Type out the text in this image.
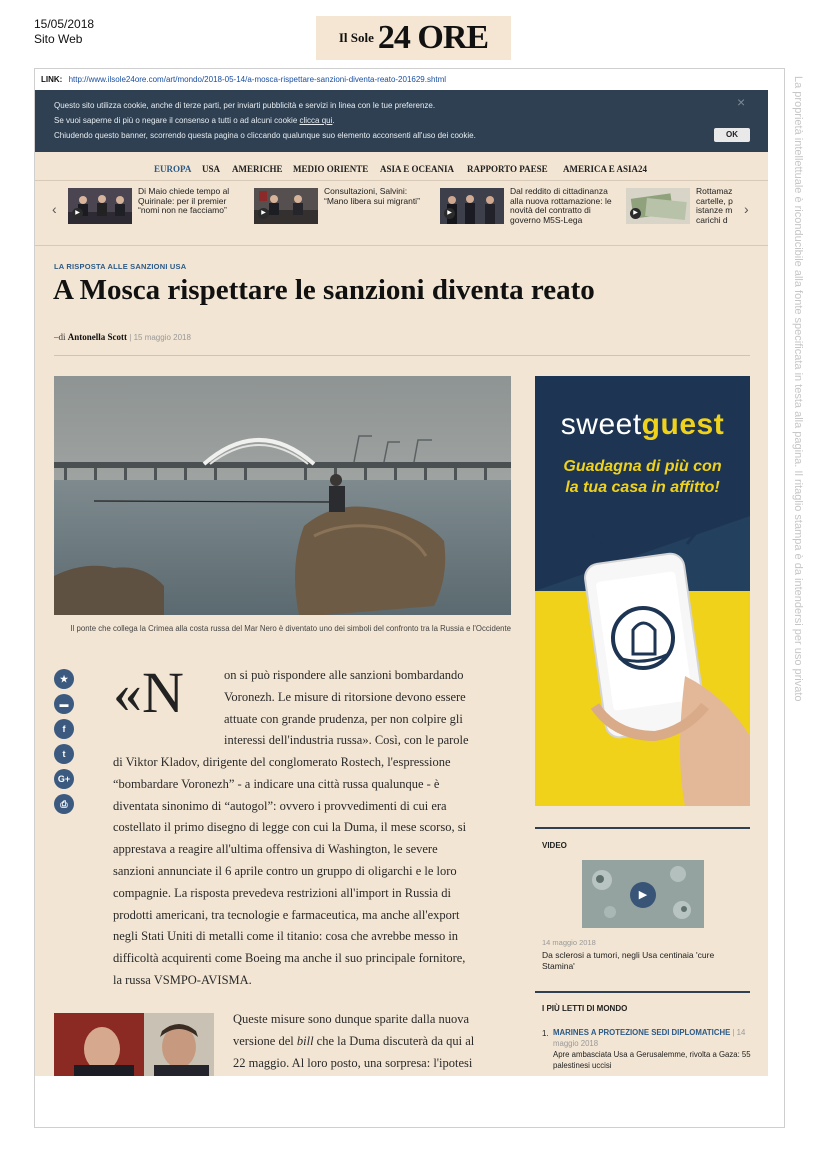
15/05/2018
Sito Web	Il Sole 24 ORE
La proprietà intellettuale è riconducibile alla fonte specificata in testa alla pagina. Il ritaglio stampa è da intendersi per uso privato
LINK: http://www.ilsole24ore.com/art/mondo/2018-05-14/a-mosca-rispettare-sanzioni-diventa-reato-201629.shtml
Questo sito utilizza cookie, anche di terze parti, per inviarti pubblicità e servizi in linea con le tue preferenze.
Se vuoi saperne di più o negare il consenso a tutti o ad alcuni cookie clicca qui.
Chiudendo questo banner, scorrendo questa pagina o cliccando qualunque suo elemento acconsenti all'uso dei cookie.
×
OK
EUROPA USA AMERICHE MEDIO ORIENTE ASIA E OCEANIA RAPPORTO PAESE AMERICA E ASIA24
‹	▶
Di Maio chiede tempo al Quirinale: per il premier “nomi non ne facciamo”	▶
Consultazioni, Salvini: “Mano libera sui migranti”
▶
Dal reddito di cittadinanza alla nuova rottamazione: le novità del contratto di governo M5S-Lega
▶
Rottamaz cartelle, p istanze m carichi d
›
LA RISPOSTA ALLE SANZIONI USA
A Mosca rispettare le sanzioni diventa reato
–di Antonella Scott | 15 maggio 2018
Il ponte che collega la Crimea alla costa russa del Mar Nero è diventato uno dei simboli del confronto tra la Russia e l'Occidente
sweetguest
Guadagna di più con
la tua casa in affitto!
★
▬
f
t
G+
⎙
«N	on si può rispondere alle sanzioni bombardando

Voronezh. Le misure di ritorsione devono essere

attuate con grande prudenza, per non colpire gli

interessi dell'industria russa». Così, con le parole

di Viktor Kladov, dirigente del conglomerato Rostech, l'espressione

“bombardare Voronezh” - a indicare una città russa qualunque - è

diventata sinonimo di “autogol”: ovvero i provvedimenti di cui era

costellato il primo disegno di legge con cui la Duma, il mese scorso, si

apprestava a reagire all'ultima offensiva di Washington, le severe

sanzioni annunciate il 6 aprile contro un gruppo di oligarchi e le loro

compagnie. La risposta prevedeva restrizioni all'import in Russia di

prodotti americani, tra tecnologie e farmaceutica, ma anche all'export

negli Stati Uniti di metalli come il titanio: cosa che avrebbe messo in

difficoltà acquirenti come Boeing ma anche il suo principale fornitore,

la russa VSMPO-AVISMA.

Queste misure sono dunque sparite dalla nuova

versione del bill che la Duma discuterà da qui al

22 maggio. Al loro posto, una sorpresa: l'ipotesi

VIDEO
▶
14 maggio 2018
Da sclerosi a tumori, negli Usa centinaia 'cure Stamina'
I PIÙ LETTI DI MONDO
1. MARINES A PROTEZIONE SEDI DIPLOMATICHE | 14 maggio 2018
Apre ambasciata Usa a Gerusalemme, rivolta a Gaza: 55 palestinesi uccisi
